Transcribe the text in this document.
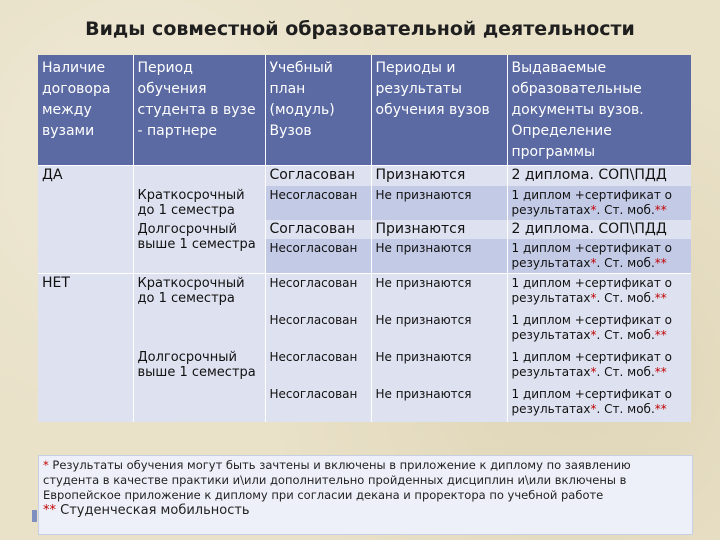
Виды совместной образовательной деятельности
Наличие договора между вузами	Период обучения студента в вузе - партнере	Учебный план (модуль) Вузов	Периоды и результаты обучения вузов	Выдаваемые образовательные документы вузов. Определение программы
ДА	Краткосрочный до 1 семестра	Согласован	Признаются	2 диплома. СОП\ПДД
		Несогласован	Не признаются	1 диплом +сертификат о результатах*. Ст. моб.**
	Долгосрочный выше 1 семестра	Согласован	Признаются	2 диплома. СОП\ПДД
		Несогласован	Не признаются	1 диплом +сертификат о результатах*. Ст. моб.**
НЕТ	Краткосрочный до 1 семестра	Несогласован	Не признаются	1 диплом +сертификат о результатах*. Ст. моб.**
		Несогласован	Не признаются	1 диплом +сертификат о результатах*. Ст. моб.**
	Долгосрочный выше 1 семестра	Несогласован	Не признаются	1 диплом +сертификат о результатах*. Ст. моб.**
		Несогласован	Не признаются	1 диплом +сертификат о результатах*. Ст. моб.**
* Результаты обучения могут быть зачтены и включены в приложение к диплому по заявлению студента в качестве практики и\или дополнительно пройденных дисциплин и\или включены в Европейское приложение к диплому при согласии декана и проректора по учебной работе
** Студенческая мобильность
